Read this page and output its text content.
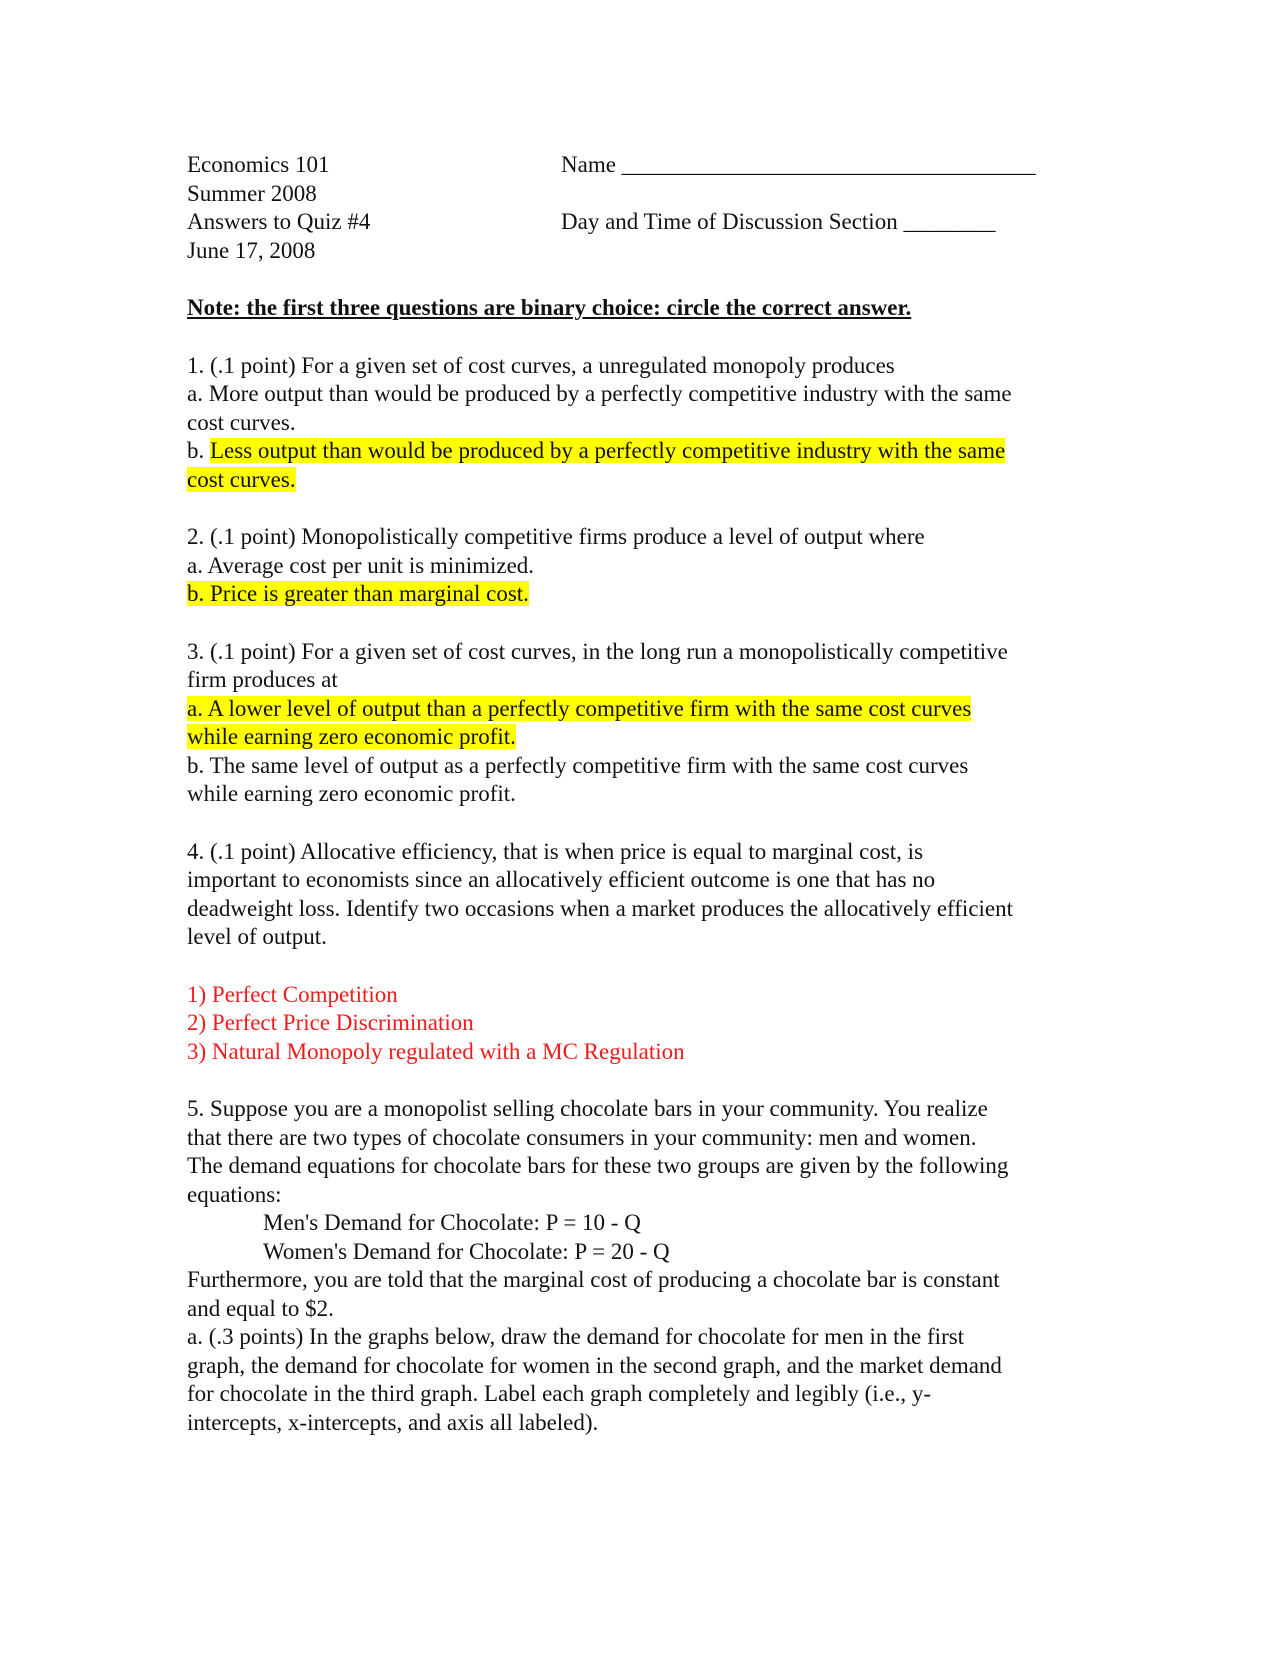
Economics 101	Name ____________________________________
Summer 2008
Answers to Quiz #4	Day and Time of Discussion Section ________
June 17, 2008
Note: the first three questions are binary choice: circle the correct answer.
1. (.1 point) For a given set of cost curves, a unregulated monopoly produces
a. More output than would be produced by a perfectly competitive industry with the same
cost curves.
b. Less output than would be produced by a perfectly competitive industry with the same
cost curves.
2. (.1 point) Monopolistically competitive firms produce a level of output where
a. Average cost per unit is minimized.
b. Price is greater than marginal cost.
3. (.1 point) For a given set of cost curves, in the long run a monopolistically competitive
firm produces at
a. A lower level of output than a perfectly competitive firm with the same cost curves
while earning zero economic profit.
b. The same level of output as a perfectly competitive firm with the same cost curves
while earning zero economic profit.
4. (.1 point) Allocative efficiency, that is when price is equal to marginal cost, is
important to economists since an allocatively efficient outcome is one that has no
deadweight loss. Identify two occasions when a market produces the allocatively efficient
level of output.
1) Perfect Competition
2) Perfect Price Discrimination
3) Natural Monopoly regulated with a MC Regulation
5. Suppose you are a monopolist selling chocolate bars in your community. You realize
that there are two types of chocolate consumers in your community: men and women.
The demand equations for chocolate bars for these two groups are given by the following
equations:
Men's Demand for Chocolate: P = 10 - Q
Women's Demand for Chocolate: P = 20 - Q
Furthermore, you are told that the marginal cost of producing a chocolate bar is constant
and equal to $2.
a. (.3 points) In the graphs below, draw the demand for chocolate for men in the first
graph, the demand for chocolate for women in the second graph, and the market demand
for chocolate in the third graph. Label each graph completely and legibly (i.e., y-
intercepts, x-intercepts, and axis all labeled).
